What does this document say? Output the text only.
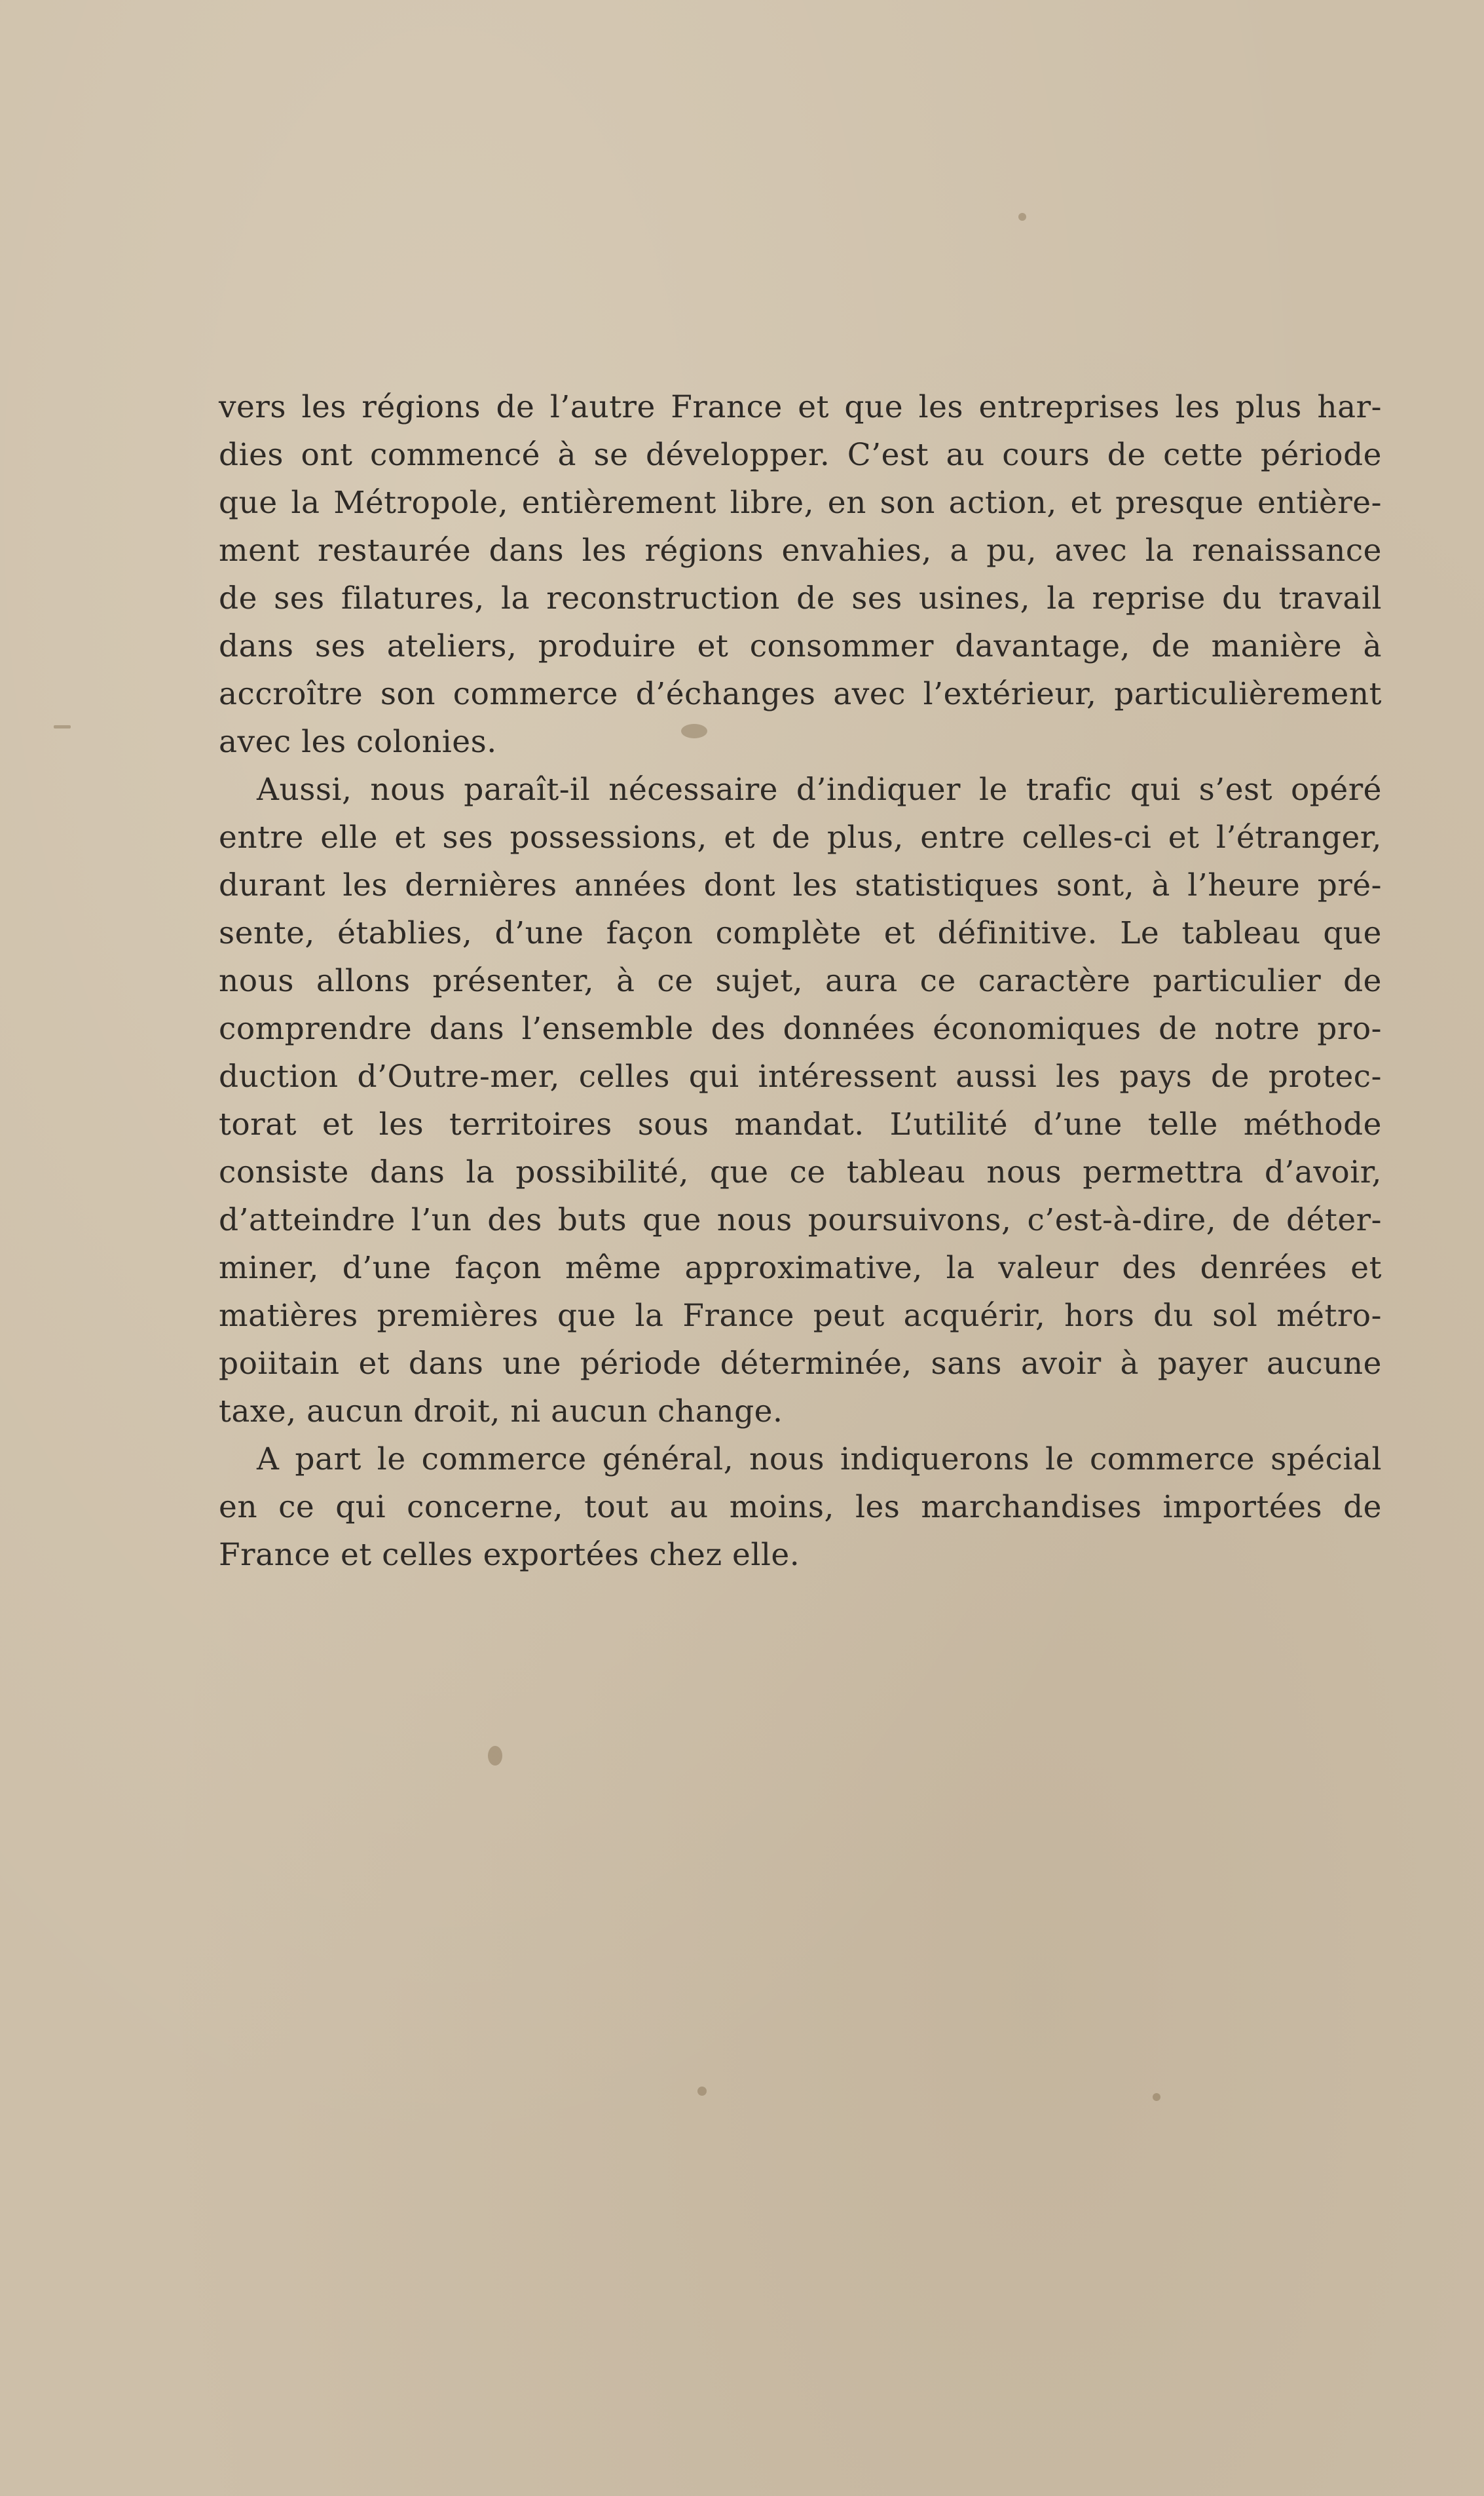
vers les régions de l’autre France et que les entreprises les plus har-
dies ont commencé à se développer. C’est au cours de cette période
que la Métropole, entièrement libre, en son action, et presque entière-
ment restaurée dans les régions envahies, a pu, avec la renaissance
de ses filatures, la reconstruction de ses usines, la reprise du travail
dans ses ateliers, produire et consommer davantage, de manière à
accroître son commerce d’échanges avec l’extérieur, particulièrement
avec les colonies.
Aussi, nous paraît-il nécessaire d’indiquer le trafic qui s’est opéré
entre elle et ses possessions, et de plus, entre celles-ci et l’étranger,
durant les dernières années dont les statistiques sont, à l’heure pré-
sente, établies, d’une façon complète et définitive. Le tableau que
nous allons présenter, à ce sujet, aura ce caractère particulier de
comprendre dans l’ensemble des données économiques de notre pro-
duction d’Outre-mer, celles qui intéressent aussi les pays de protec-
torat et les territoires sous mandat. L’utilité d’une telle méthode
consiste dans la possibilité, que ce tableau nous permettra d’avoir,
d’atteindre l’un des buts que nous poursuivons, c’est-à-dire, de déter-
miner, d’une façon même approximative, la valeur des denrées et
matières premières que la France peut acquérir, hors du sol métro-
poiitain et dans une période déterminée, sans avoir à payer aucune
taxe, aucun droit, ni aucun change.
A part le commerce général, nous indiquerons le commerce spécial
en ce qui concerne, tout au moins, les marchandises importées de
France et celles exportées chez elle.
